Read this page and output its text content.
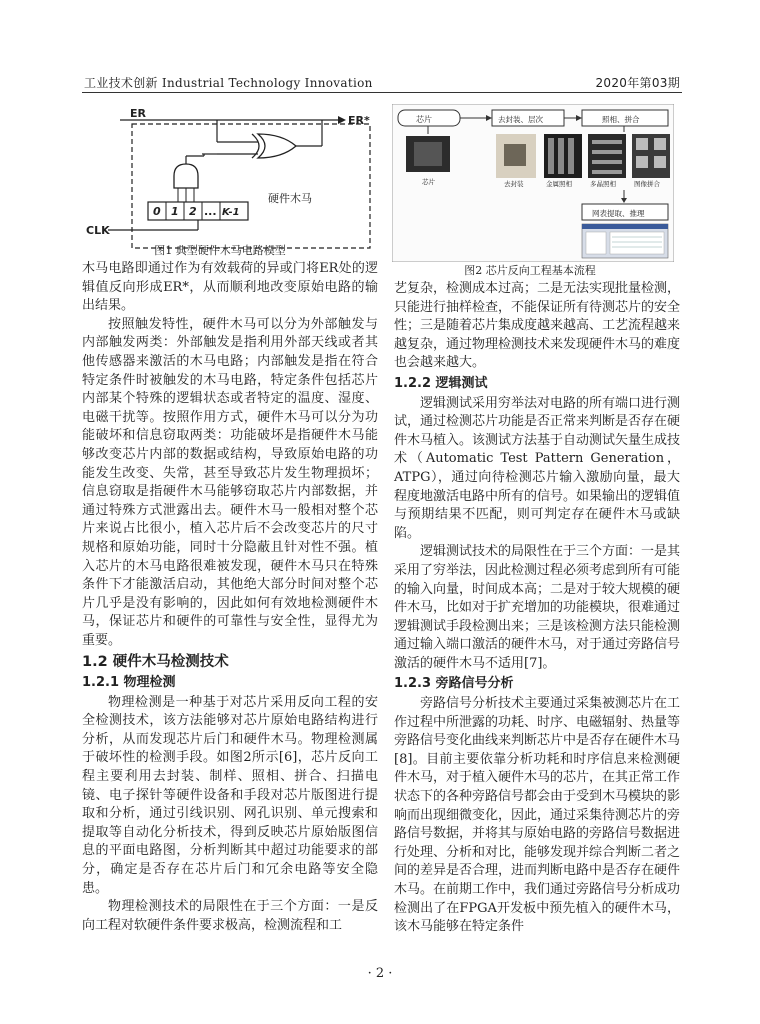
工业技术创新 Industrial Technology Innovation	2020年第03期
ER
ER*
0 1 2 ... K-1
硬件木马
CLK
图1 典型硬件木马电路模型
芯片	去封装、层次	照相、拼合
芯片	去封装	金属照相	多晶照相	图像拼合
网表提取、推理
图2 芯片反向工程基本流程

木马电路即通过作为有效载荷的异或门将ER处的逻辑值反向形成ER*，从而顺利地改变原始电路的输出结果。

按照触发特性，硬件木马可以分为外部触发与内部触发两类：外部触发是指利用外部天线或者其他传感器来激活的木马电路；内部触发是指在符合特定条件时被触发的木马电路，特定条件包括芯片内部某个特殊的逻辑状态或者特定的温度、湿度、电磁干扰等。按照作用方式，硬件木马可以分为功能破坏和信息窃取两类：功能破坏是指硬件木马能够改变芯片内部的数据或结构，导致原始电路的功能发生改变、失常，甚至导致芯片发生物理损坏；信息窃取是指硬件木马能够窃取芯片内部数据，并通过特殊方式泄露出去。硬件木马一般相对整个芯片来说占比很小，植入芯片后不会改变芯片的尺寸规格和原始功能，同时十分隐蔽且针对性不强。植入芯片的木马电路很难被发现，硬件木马只在特殊条件下才能激活启动，其他绝大部分时间对整个芯片几乎是没有影响的，因此如何有效地检测硬件木马，保证芯片和硬件的可靠性与安全性，显得尤为重要。

1.2 硬件木马检测技术
1.2.1 物理检测

物理检测是一种基于对芯片采用反向工程的安全检测技术，该方法能够对芯片原始电路结构进行分析，从而发现芯片后门和硬件木马。物理检测属于破坏性的检测手段。如图2所示[6]，芯片反向工程主要利用去封装、制样、照相、拼合、扫描电镜、电子探针等硬件设备和手段对芯片版图进行提取和分析，通过引线识别、网孔识别、单元搜索和提取等自动化分析技术，得到反映芯片原始版图信息的平面电路图，分析判断其中超过功能要求的部分，确定是否存在芯片后门和冗余电路等安全隐患。

物理检测技术的局限性在于三个方面：一是反向工程对软硬件条件要求极高，检测流程和工

艺复杂，检测成本过高；二是无法实现批量检测，只能进行抽样检查，不能保证所有待测芯片的安全性；三是随着芯片集成度越来越高、工艺流程越来越复杂，通过物理检测技术来发现硬件木马的难度也会越来越大。

1.2.2 逻辑测试

逻辑测试采用穷举法对电路的所有端口进行测试，通过检测芯片功能是否正常来判断是否存在硬件木马植入。该测试方法基于自动测试矢量生成技术（Automatic Test Pattern Generation，ATPG），通过向待检测芯片输入激励向量，最大程度地激活电路中所有的信号。如果输出的逻辑值与预期结果不匹配，则可判定存在硬件木马或缺陷。

逻辑测试技术的局限性在于三个方面：一是其采用了穷举法，因此检测过程必须考虑到所有可能的输入向量，时间成本高；二是对于较大规模的硬件木马，比如对于扩充增加的功能模块，很难通过逻辑测试手段检测出来；三是该检测方法只能检测通过输入端口激活的硬件木马，对于通过旁路信号激活的硬件木马不适用[7]。

1.2.3 旁路信号分析

旁路信号分析技术主要通过采集被测芯片在工作过程中所泄露的功耗、时序、电磁辐射、热量等旁路信号变化曲线来判断芯片中是否存在硬件木马[8]。目前主要依靠分析功耗和时序信息来检测硬件木马，对于植入硬件木马的芯片，在其正常工作状态下的各种旁路信号都会由于受到木马模块的影响而出现细微变化，因此，通过采集待测芯片的旁路信号数据，并将其与原始电路的旁路信号数据进行处理、分析和对比，能够发现并综合判断二者之间的差异是否合理，进而判断电路中是否存在硬件木马。在前期工作中，我们通过旁路信号分析成功检测出了在FPGA开发板中预先植入的硬件木马，该木马能够在特定条件

· 2 ·
